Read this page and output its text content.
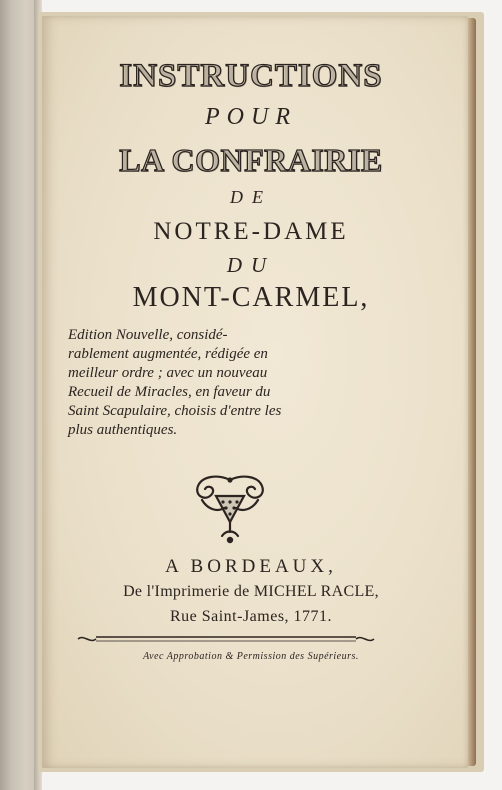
INSTRUCTIONS
POUR
LA CONFRAIRIE
DE
NOTRE-DAME
DU
MONT-CARMEL,
Edition Nouvelle, considé-
rablement augmentée, rédigée en
meilleur ordre ; avec un nouveau
Recueil de Miracles, en faveur du
Saint Scapulaire, choisis d'entre les
plus authentiques.
A BORDEAUX,
De l'Imprimerie de MICHEL RACLE,
Rue Saint-James, 1771.
Avec Approbation & Permission des Supérieurs.
